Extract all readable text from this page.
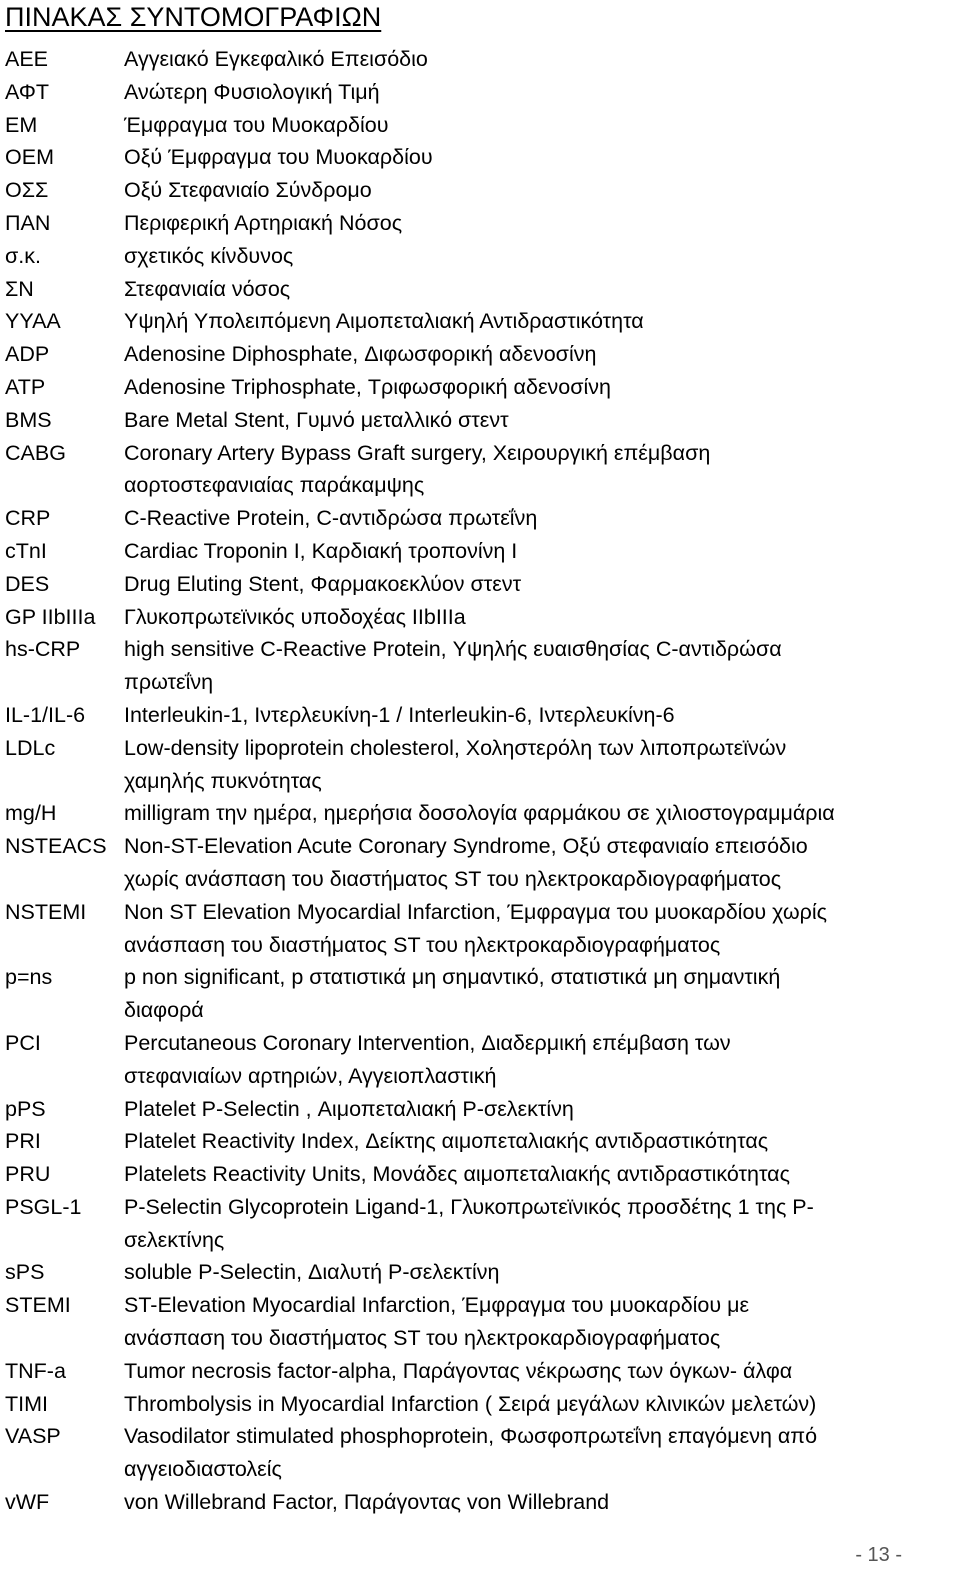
ΠΙΝΑΚΑΣ ΣΥΝΤΟΜΟΓΡΑΦΙΩΝ
ΑΕΕ	Αγγειακό Εγκεφαλικό Επεισόδιο
ΑΦΤ	Ανώτερη Φυσιολογική Τιμή
ΕΜ	Έμφραγμα του Μυοκαρδίου
ΟΕΜ	Οξύ Έμφραγμα του Μυοκαρδίου
ΟΣΣ	Οξύ Στεφανιαίο Σύνδρομο
ΠΑΝ	Περιφερική Αρτηριακή Νόσος
σ.κ.	σχετικός κίνδυνος
ΣΝ	Στεφανιαία νόσος
ΥΥΑΑ	Υψηλή Υπολειπόμενη Αιμοπεταλιακή Αντιδραστικότητα
ADP	Adenosine Diphosphate, Διφωσφορική αδενοσίνη
ATP	Adenosine Triphosphate, Τριφωσφορική αδενοσίνη
BMS	Bare Metal Stent, Γυμνό μεταλλικό στεντ
CABG	Coronary Artery Bypass Graft surgery, Χειρουργική επέμβαση
αορτοστεφανιαίας παράκαμψης
CRP	C-Reactive Protein, C-αντιδρώσα πρωτεΐνη
cTnI	Cardiac Troponin I, Καρδιακή τροπονίνη Ι
DES	Drug Eluting Stent, Φαρμακοεκλύον στεντ
GP IIbIIIa	Γλυκοπρωτεϊνικός υποδοχέας IIbIIIa
hs-CRP	high sensitive C-Reactive Protein, Υψηλής ευαισθησίας C-αντιδρώσα
πρωτεΐνη
IL-1/IL-6	Interleukin-1, Ιντερλευκίνη-1 / Interleukin-6, Ιντερλευκίνη-6
LDLc	Low-density lipoprotein cholesterol, Χοληστερόλη των λιποπρωτεϊνών
χαμηλής πυκνότητας
mg/H	milligram την ημέρα, ημερήσια δοσολογία φαρμάκου σε χιλιοστογραμμάρια
NSTEACS Non-ST-Elevation Acute Coronary Syndrome, Οξύ στεφανιαίο επεισόδιο
χωρίς ανάσπαση του διαστήματος ST του ηλεκτροκαρδιογραφήματος
NSTEMI	Non ST Elevation Myocardial Infarction, Έμφραγμα του μυοκαρδίου χωρίς
ανάσπαση του διαστήματος ST του ηλεκτροκαρδιογραφήματος
p=ns	p non significant, p στατιστικά μη σημαντικό, στατιστικά μη σημαντική
διαφορά
PCI	Percutaneous Coronary Intervention, Διαδερμική επέμβαση των
στεφανιαίων αρτηριών, Αγγειοπλαστική
pPS	Platelet P-Selectin , Αιμοπεταλιακή P-σελεκτίνη
PRI	Platelet Reactivity Index, Δείκτης αιμοπεταλιακής αντιδραστικότητας
PRU	Platelets Reactivity Units, Μονάδες αιμοπεταλιακής αντιδραστικότητας
PSGL-1	P-Selectin Glycoprotein Ligand-1, Γλυκοπρωτεϊνικός προσδέτης 1 της P-
σελεκτίνης
sPS	soluble P-Selectin, Διαλυτή P-σελεκτίνη
STEMI	ST-Elevation Myocardial Infarction, Έμφραγμα του μυοκαρδίου με
ανάσπαση του διαστήματος ST του ηλεκτροκαρδιογραφήματος
TNF-a	Tumor necrosis factor-alpha, Παράγοντας νέκρωσης των όγκων- άλφα
TIMI	Thrombolysis in Myocardial Infarction ( Σειρά μεγάλων κλινικών μελετών)
VASP	Vasodilator stimulated phosphoprotein, Φωσφοπρωτεΐνη επαγόμενη από
αγγειοδιαστολείς
vWF	von Willebrand Factor, Παράγοντας von Willebrand
- 13 -
